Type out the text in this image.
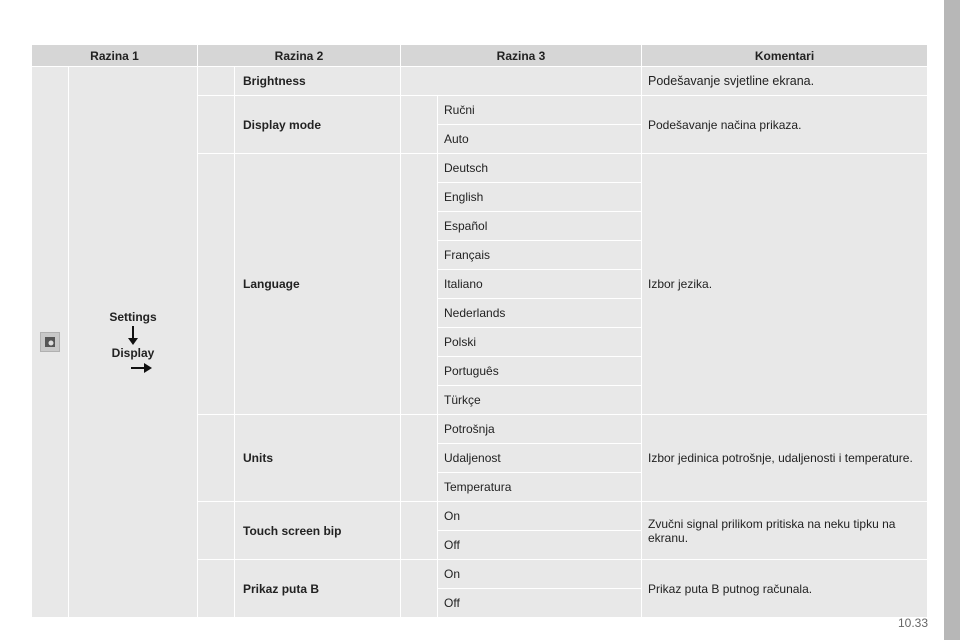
Razina 1		Razina 2		Razina 3		Komentari

	Settings
Display		Brightness			Podešavanje svjetline ekrana.
			Display mode		Ručni	Podešavanje načina prikaza.
					Auto	
			Language		Deutsch	Izbor jezika.
					English	
					Español	
					Français	
					Italiano	
					Nederlands	
					Polski	
					Português	
					Türkçe	
			Units		Potrošnja	Izbor jedinica potrošnje, udaljenosti i temperature.
					Udaljenost	
					Temperatura	
			Touch screen bip		On	Zvučni signal prilikom pritiska na neku tipku na ekranu.
					Off	
			Prikaz puta B		On	Prikaz puta B putnog računala.
					Off	
10.33
